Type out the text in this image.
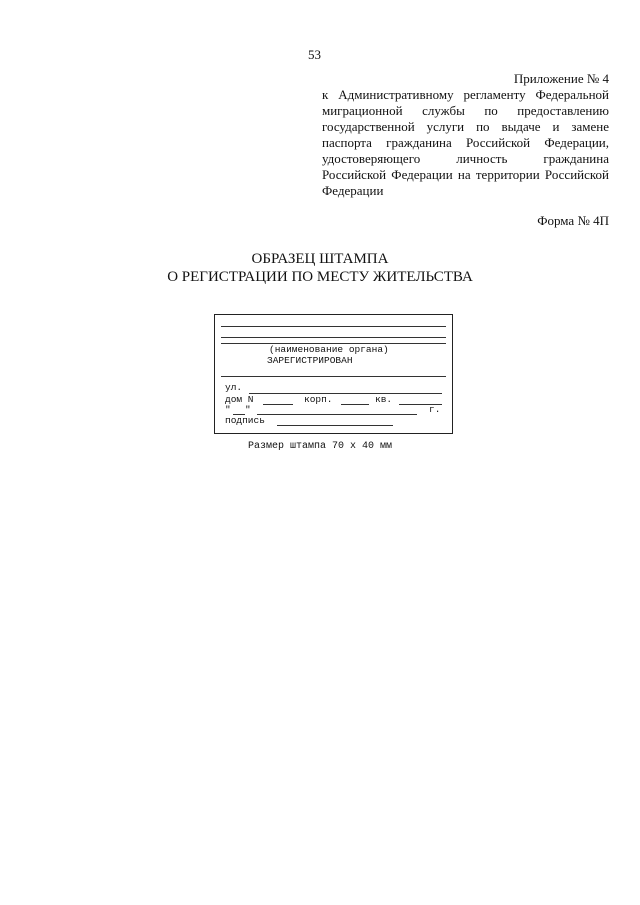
53
Приложение № 4
к Административному регламенту Федеральной миграционной службы по предоставлению государственной услуги по выдаче и замене паспорта гражданина Российской Федерации, удостоверяющего личность гражданина Российской Федерации на территории Российской Федерации
Форма № 4П
ОБРАЗЕЦ ШТАМПА
О РЕГИСТРАЦИИ ПО МЕСТУ ЖИТЕЛЬСТВА
(наименование органа)
ЗАРЕГИСТРИРОВАН
ул.
дом N	корп.	кв.
" "	г.
подпись
Размер штампа 70 х 40 мм
